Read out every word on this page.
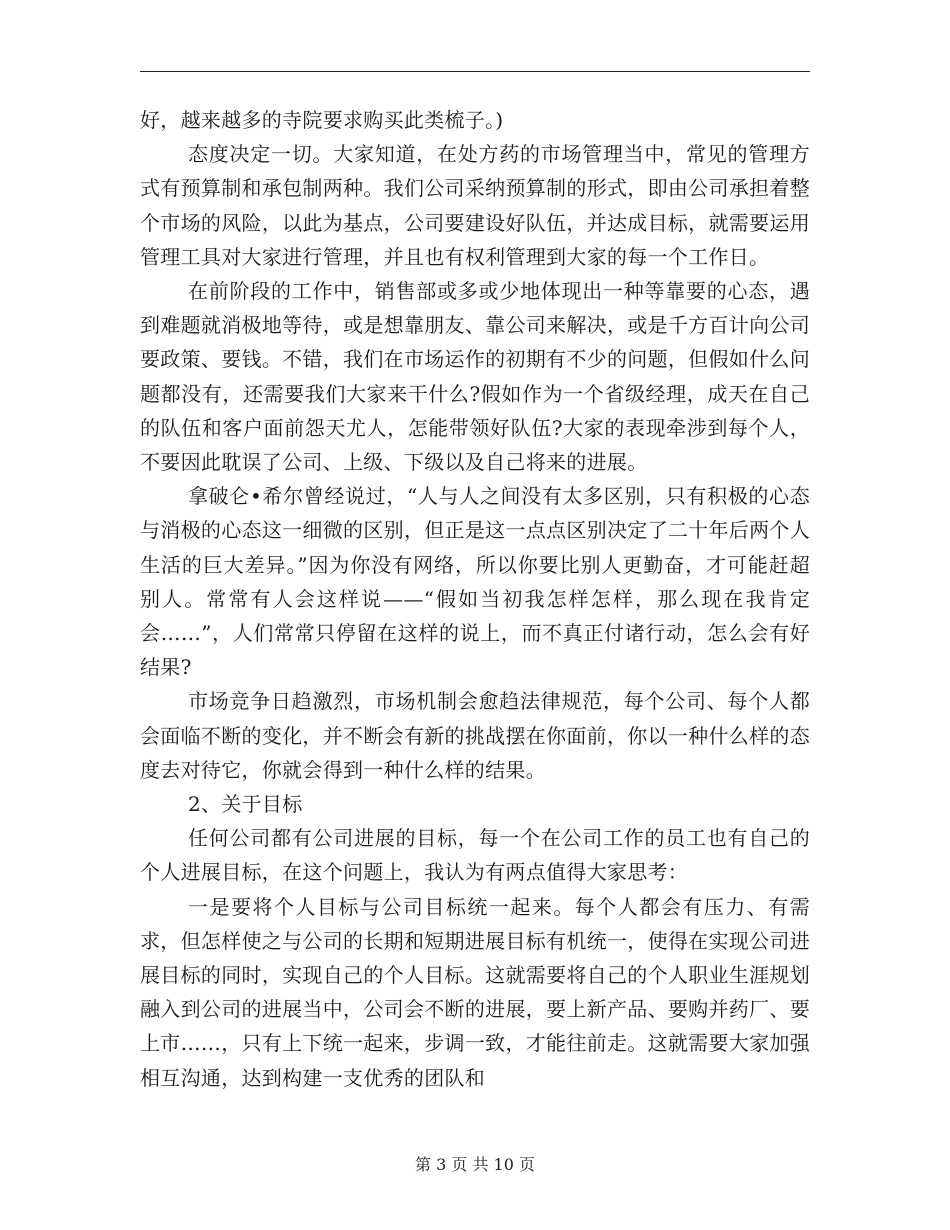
好，越来越多的寺院要求购买此类梳子。)

态度决定一切。大家知道，在处方药的市场管理当中，常见的管理方式有预算制和承包制两种。我们公司采纳预算制的形式，即由公司承担着整个市场的风险，以此为基点，公司要建设好队伍，并达成目标，就需要运用管理工具对大家进行管理，并且也有权利管理到大家的每一个工作日。

在前阶段的工作中，销售部或多或少地体现出一种等靠要的心态，遇到难题就消极地等待，或是想靠朋友、靠公司来解决，或是千方百计向公司要政策、要钱。不错，我们在市场运作的初期有不少的问题，但假如什么问题都没有，还需要我们大家来干什么?假如作为一个省级经理，成天在自己的队伍和客户面前怨天尤人，怎能带领好队伍?大家的表现牵涉到每个人，不要因此耽误了公司、上级、下级以及自己将来的进展。

拿破仑•希尔曾经说过，“人与人之间没有太多区别，只有积极的心态与消极的心态这一细微的区别，但正是这一点点区别决定了二十年后两个人生活的巨大差异。”因为你没有网络，所以你要比别人更勤奋，才可能赶超别人。常常有人会这样说——“假如当初我怎样怎样，那么现在我肯定会……”，人们常常只停留在这样的说上，而不真正付诸行动，怎么会有好结果?

市场竞争日趋激烈，市场机制会愈趋法律规范，每个公司、每个人都会面临不断的变化，并不断会有新的挑战摆在你面前，你以一种什么样的态度去对待它，你就会得到一种什么样的结果。

2、关于目标

任何公司都有公司进展的目标，每一个在公司工作的员工也有自己的个人进展目标，在这个问题上，我认为有两点值得大家思考：

一是要将个人目标与公司目标统一起来。每个人都会有压力、有需求，但怎样使之与公司的长期和短期进展目标有机统一，使得在实现公司进展目标的同时，实现自己的个人目标。这就需要将自己的个人职业生涯规划融入到公司的进展当中，公司会不断的进展，要上新产品、要购并药厂、要上市……，只有上下统一起来，步调一致，才能往前走。这就需要大家加强相互沟通，达到构建一支优秀的团队和

第 3 页 共 10 页
